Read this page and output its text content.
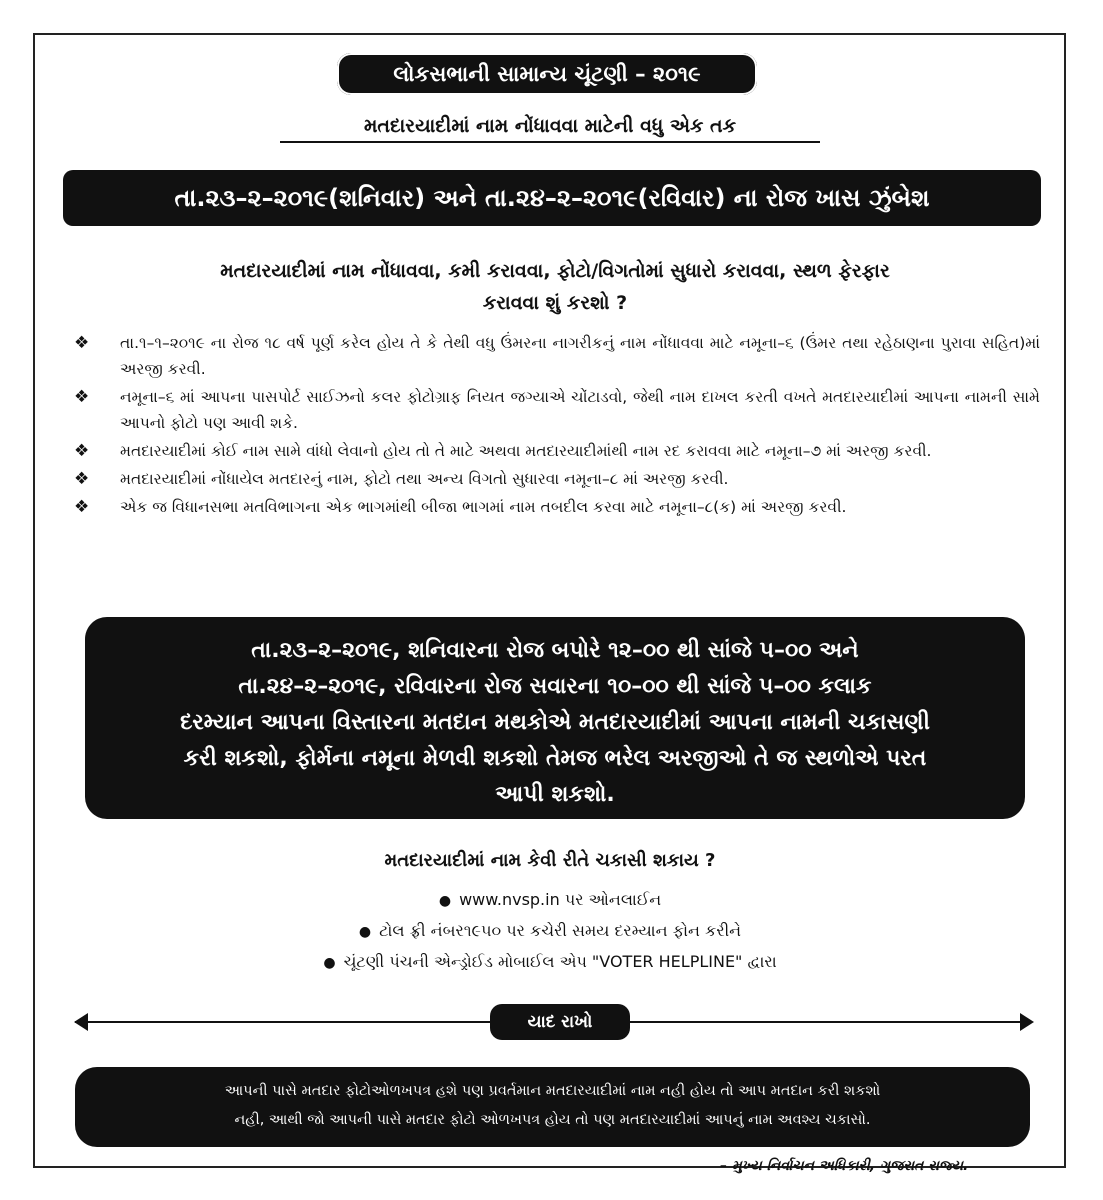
લોકસભાની સામાન્ય ચૂંટણી – ૨૦૧૯
મતદારયાદીમાં નામ નોંધાવવા માટેની વધુ એક તક
તા.૨૩–૨–૨૦૧૯(શનિવાર) અને તા.૨૪–૨–૨૦૧૯(રવિવાર) ના રોજ ખાસ ઝુંબેશ
મતદારયાદીમાં નામ નોંધાવવા, કમી કરાવવા, ફોટો/વિગતોમાં સુધારો કરાવવા, સ્થળ ફેરફાર
કરાવવા શું કરશો ?
❖ તા.૧–૧–૨૦૧૯ ના રોજ ૧૮ વર્ષ પૂર્ણ કરેલ હોય તે કે તેથી વધુ ઉંમરના નાગરીકનું નામ નોંધાવવા માટે નમૂના–૬ (ઉંમર તથા રહેઠાણના પુરાવા સહિત)માં અરજી કરવી.
❖ નમૂના–૬ માં આપના પાસપોર્ટ સાઈઝનો કલર ફોટોગ્રાફ નિયત જગ્યાએ ચોંટાડવો, જેથી નામ દાખલ કરતી વખતે મતદારયાદીમાં આપના નામની સામે આપનો ફોટો પણ આવી શકે.
❖ મતદારયાદીમાં કોઈ નામ સામે વાંધો લેવાનો હોય તો તે માટે અથવા મતદારયાદીમાંથી નામ રદ કરાવવા માટે નમૂના–૭ માં અરજી કરવી.
❖ મતદારયાદીમાં નોંધાયેલ મતદારનું નામ, ફોટો તથા અન્ય વિગતો સુધારવા નમૂના–૮ માં અરજી કરવી.
❖ એક જ વિધાનસભા મતવિભાગના એક ભાગમાંથી બીજા ભાગમાં નામ તબદીલ કરવા માટે નમૂના–૮(ક) માં અરજી કરવી.
તા.૨૩–૨–૨૦૧૯, શનિવારના રોજ બપોરે ૧૨–૦૦ થી સાંજે ૫–૦૦ અને
તા.૨૪–૨–૨૦૧૯, રવિવારના રોજ સવારના ૧૦–૦૦ થી સાંજે ૫–૦૦ કલાક
દરમ્યાન આપના વિસ્તારના મતદાન મથકોએ મતદારયાદીમાં આપના નામની ચકાસણી
કરી શકશો, ફોર્મના નમૂના મેળવી શકશો તેમજ ભરેલ અરજીઓ તે જ સ્થળોએ પરત
આપી શકશો.
મતદારયાદીમાં નામ કેવી રીતે ચકાસી શકાય ?
● www.nvsp.in પર ઓનલાઈન
● ટોલ ફ્રી નંબર૧૯૫૦ પર કચેરી સમય દરમ્યાન ફોન કરીને
● ચૂંટણી પંચની એન્ડ્રોઈડ મોબાઈલ એપ "VOTER HELPLINE" દ્વારા
યાદ રાખો
આપની પાસે મતદાર ફોટોઓળખપત્ર હશે પણ પ્રવર્તમાન મતદારયાદીમાં નામ નહી હોય તો આપ મતદાન કરી શકશો
નહી, આથી જો આપની પાસે મતદાર ફોટો ઓળખપત્ર હોય તો પણ મતદારયાદીમાં આપનું નામ અવશ્ય ચકાસો.
– મુખ્ય નિર્વાચન અધિકારી, ગુજરાત રાજ્ય.
